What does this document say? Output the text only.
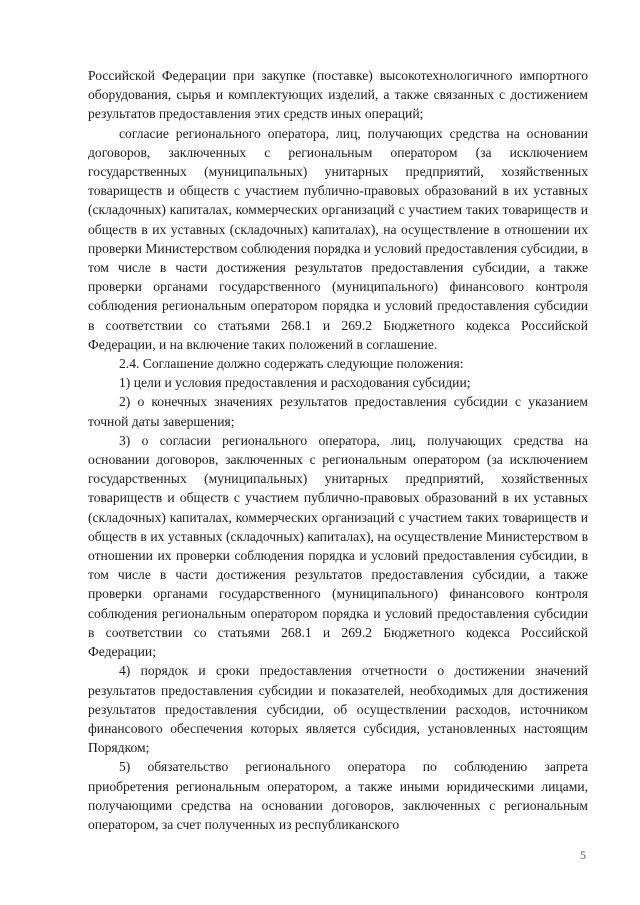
Российской Федерации при закупке (поставке) высокотехнологичного импортного оборудования, сырья и комплектующих изделий, а также связанных с достижением результатов предоставления этих средств иных операций;

согласие регионального оператора, лиц, получающих средства на основании договоров, заключенных с региональным оператором (за исключением государственных (муниципальных) унитарных предприятий, хозяйственных товариществ и обществ с участием публично-правовых образований в их уставных (складочных) капиталах, коммерческих организаций с участием таких товариществ и обществ в их уставных (складочных) капиталах), на осуществление в отношении их проверки Министерством соблюдения порядка и условий предоставления субсидии, в том числе в части достижения результатов предоставления субсидии, а также проверки органами государственного (муниципального) финансового контроля соблюдения региональным оператором порядка и условий предоставления субсидии в соответствии со статьями 268.1 и 269.2 Бюджетного кодекса Российской Федерации, и на включение таких положений в соглашение.

2.4. Соглашение должно содержать следующие положения:

1) цели и условия предоставления и расходования субсидии;

2) о конечных значениях результатов предоставления субсидии с указанием точной даты завершения;

3) о согласии регионального оператора, лиц, получающих средства на основании договоров, заключенных с региональным оператором (за исключением государственных (муниципальных) унитарных предприятий, хозяйственных товариществ и обществ с участием публично-правовых образований в их уставных (складочных) капиталах, коммерческих организаций с участием таких товариществ и обществ в их уставных (складочных) капиталах), на осуществление Министерством в отношении их проверки соблюдения порядка и условий предоставления субсидии, в том числе в части достижения результатов предоставления субсидии, а также проверки органами государственного (муниципального) финансового контроля соблюдения региональным оператором порядка и условий предоставления субсидии в соответствии со статьями 268.1 и 269.2 Бюджетного кодекса Российской Федерации;

4) порядок и сроки предоставления отчетности о достижении значений результатов предоставления субсидии и показателей, необходимых для достижения результатов предоставления субсидии, об осуществлении расходов, источником финансового обеспечения которых является субсидия, установленных настоящим Порядком;

5) обязательство регионального оператора по соблюдению запрета приобретения региональным оператором, а также иными юридическими лицами, получающими средства на основании договоров, заключенных с региональным оператором, за счет полученных из республиканского

5
